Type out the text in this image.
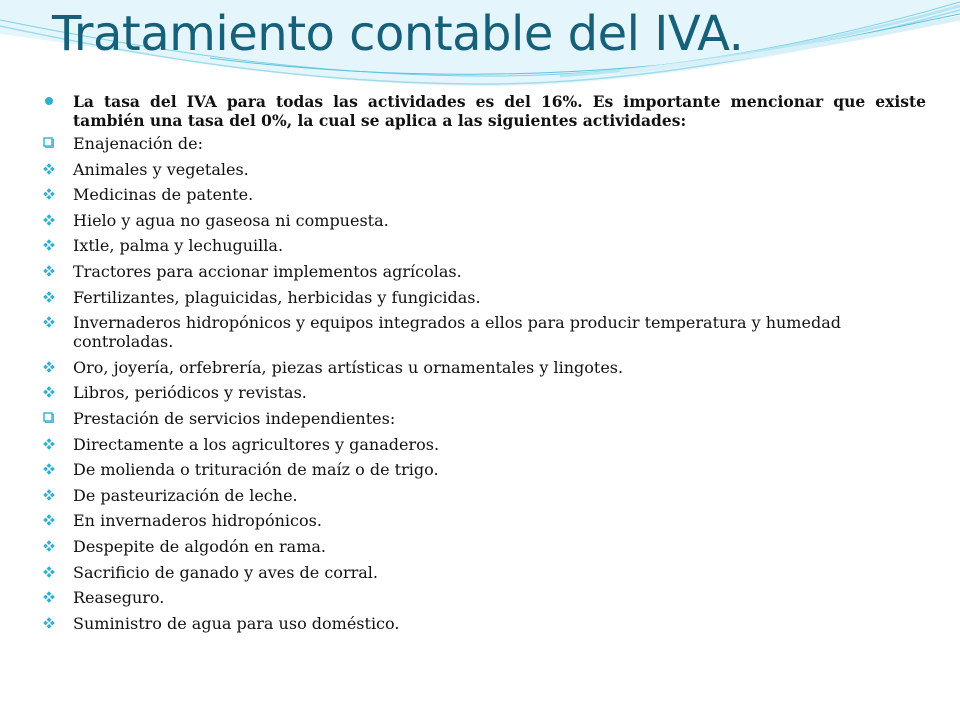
Tratamiento contable del IVA.
La tasa del IVA para todas las actividades es del 16%. Es importante mencionar que existe también una tasa del 0%, la cual se aplica a las siguientes actividades:
Enajenación de:
Animales y vegetales.
Medicinas de patente.
Hielo y agua no gaseosa ni compuesta.
Ixtle, palma y lechuguilla.
Tractores para accionar implementos agrícolas.
Fertilizantes, plaguicidas, herbicidas y fungicidas.
Invernaderos hidropónicos y equipos integrados a ellos para producir temperatura y humedad controladas.
Oro, joyería, orfebrería, piezas artísticas u ornamentales y lingotes.
Libros, periódicos y revistas.
Prestación de servicios independientes:
Directamente a los agricultores y ganaderos.
De molienda o trituración de maíz o de trigo.
De pasteurización de leche.
En invernaderos hidropónicos.
Despepite de algodón en rama.
Sacrificio de ganado y aves de corral.
Reaseguro.
Suministro de agua para uso doméstico.
